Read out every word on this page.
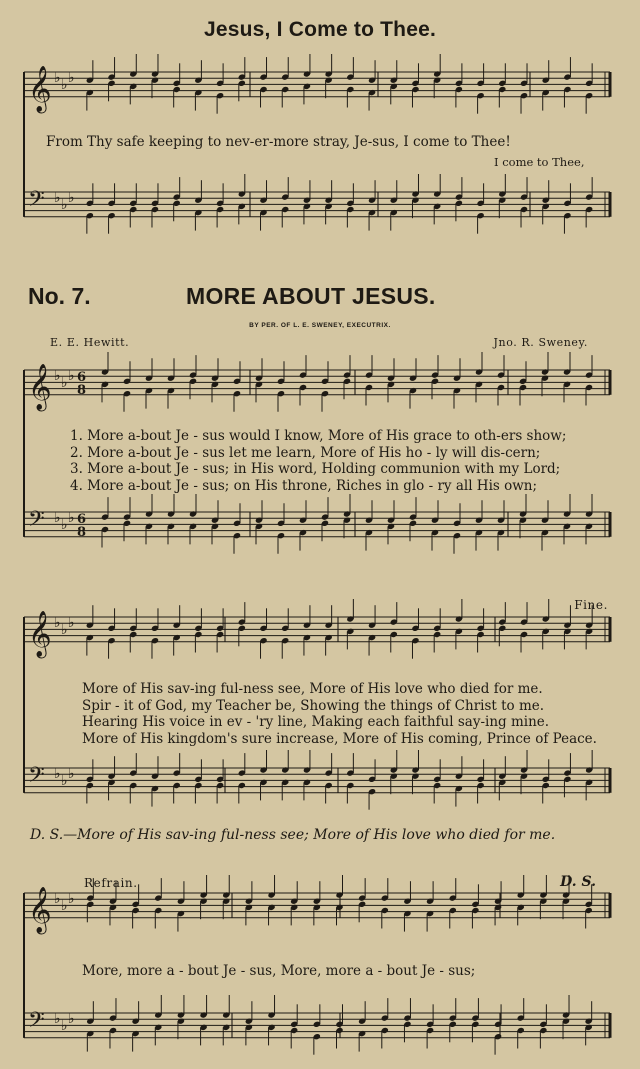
𝄞 ♭ ♭ ♭
𝄢 ♭ ♭ ♭
𝄞 ♭ ♭ ♭ 6
8
𝄢 ♭ ♭ ♭ 6
8
𝄞 ♭ ♭ ♭
𝄢 ♭ ♭ ♭
𝄞 ♭ ♭ ♭
𝄢 ♭ ♭ ♭
Jesus, I Come to Thee.
From Thy safe keeping to nev-er-more stray, Je-sus, I come to Thee!
I come to Thee,
No. 7.	MORE ABOUT JESUS.
BY PER. OF L. E. SWENEY, EXECUTRIX.
E. E. Hewitt.	Jno. R. Sweney.
1. More a-bout Je - sus would I know, More of His grace to oth-ers show;
2. More a-bout Je - sus let me learn, More of His ho - ly will dis-cern;
3. More a-bout Je - sus; in His word, Holding communion with my Lord;
4. More a-bout Je - sus; on His throne, Riches in glo - ry all His own;
Fine.
More of His sav-ing ful-ness see, More of His love who died for me.
Spir - it of God, my Teacher be, Showing the things of Christ to me.
Hearing His voice in ev - 'ry line, Making each faithful say-ing mine.
More of His kingdom's sure increase, More of His coming, Prince of Peace.
D. S.—More of His sav-ing ful-ness see; More of His love who died for me.
Refrain.	D. S.
More, more a - bout Je - sus, More, more a - bout Je - sus;
